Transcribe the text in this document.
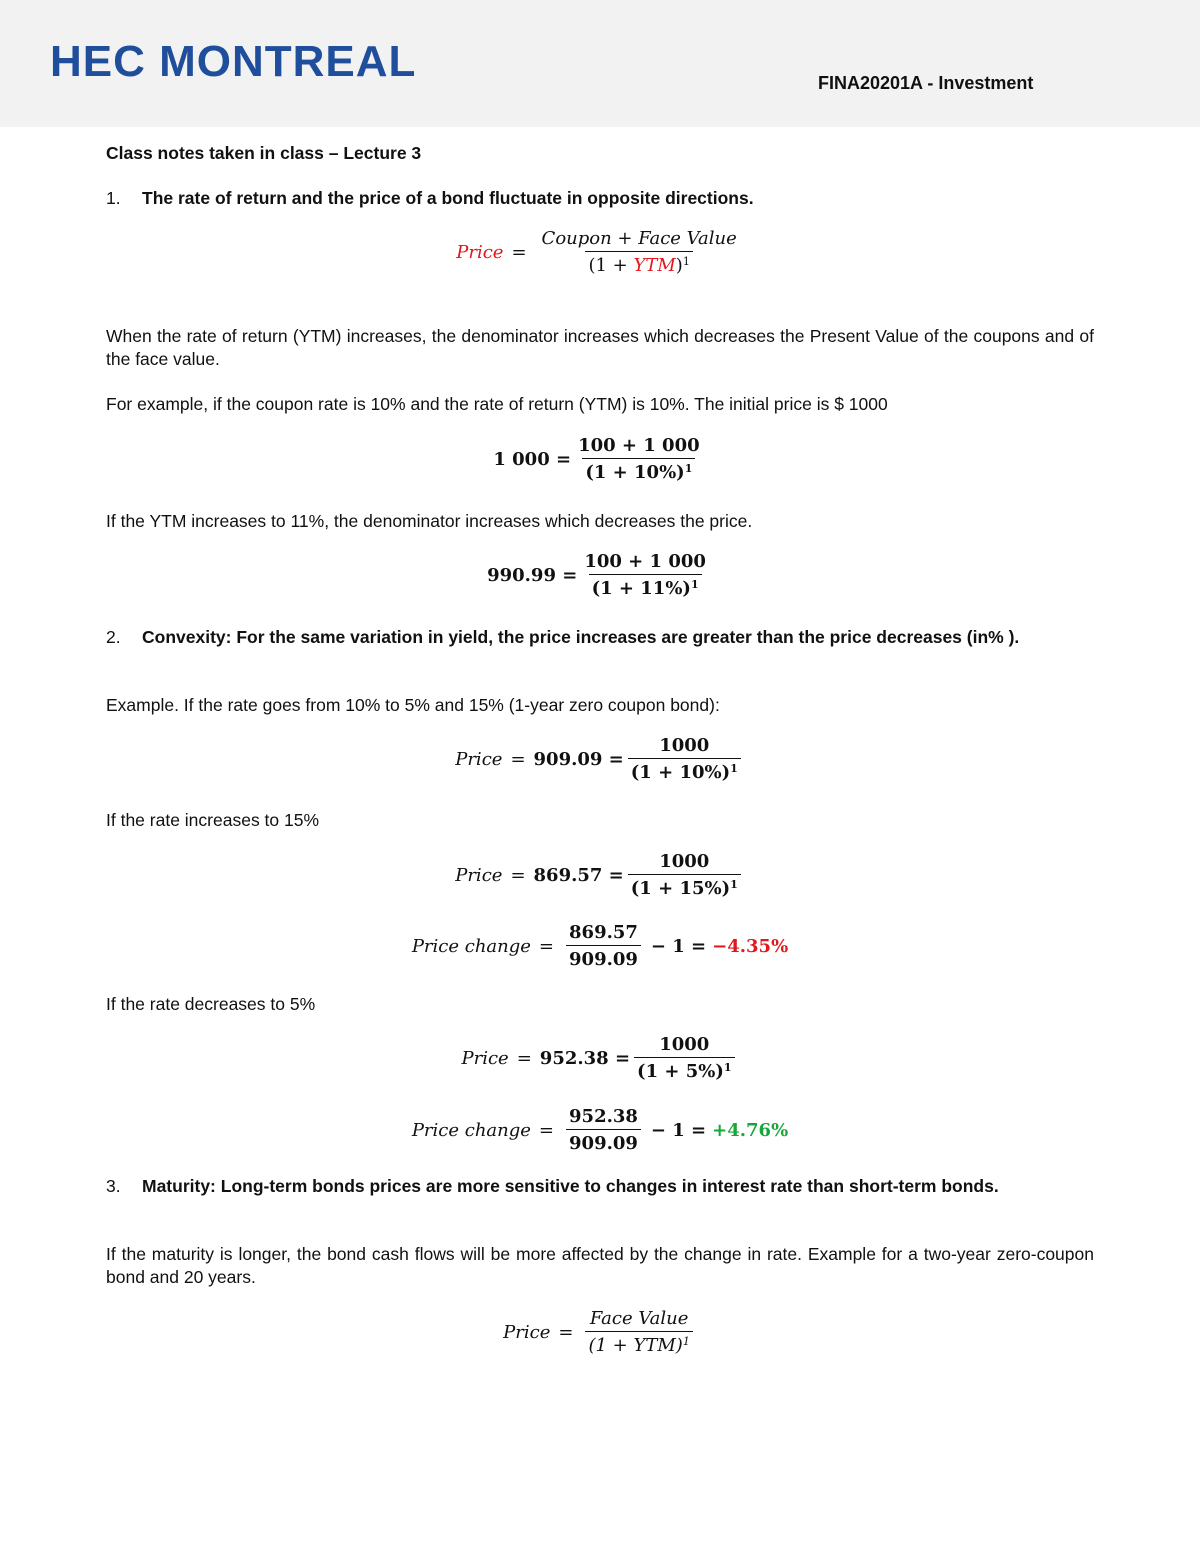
HEC MONTREAL	FINA20201A - Investment
Class notes taken in class – Lecture 3
1. The rate of return and the price of a bond fluctuate in opposite directions.
Price = $\frac{\text{Coupon + Face Value}}{(1 + YTM)^1}$
When the rate of return (YTM) increases, the denominator increases which decreases the Present Value of the coupons and of the face value.
For example, if the coupon rate is 10% and the rate of return (YTM) is 10%. The initial price is $ 1000
1 $000 = \frac{100 + 1 000}{(1 + 10\%)^1}$
If the YTM increases to 11%, the denominator increases which decreases the price.
$990.99 = \frac{100 + 1 000}{(1 + 11\%)^1}$
2. Convexity: For the same variation in yield, the price increases are greater than the price decreases (in% ).
Example. If the rate goes from 10% to 5% and 15% (1-year zero coupon bond):
Price = $909.09 = \frac{1000}{(1 + 10\%)^1}$
If the rate increases to 15%
Price = $869.57 = \frac{1000}{(1 + 15\%)^1}$
Price change = $\frac{869.57}{909.09} - 1 = -4.35\%$
If the rate decreases to 5%
Price = $952.38 = \frac{1000}{(1 + 5\%)^1}$
Price change = $\frac{952.38}{909.09} - 1 = +4.76\%$
3. Maturity: Long-term bonds prices are more sensitive to changes in interest rate than short-term bonds.
If the maturity is longer, the bond cash flows will be more affected by the change in rate. Example for a two-year zero-coupon bond and 20 years.
Price = $\frac{\text{Face Value}}{(1 + YTM)^1}$
